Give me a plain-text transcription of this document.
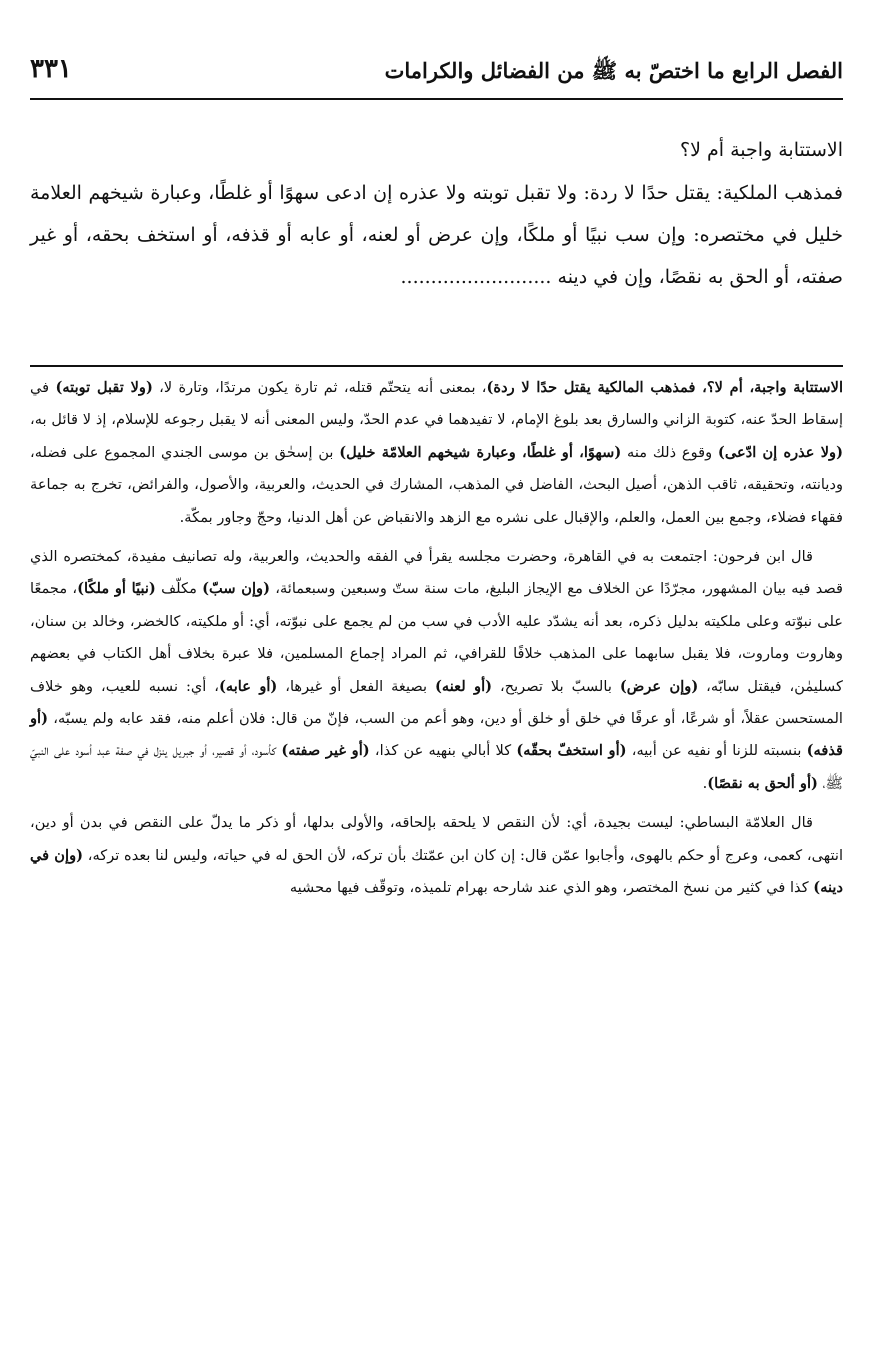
الفصل الرابع ما اختصّ به ﷺ من الفضائل والكرامات
٣٣١

الاستتابة واجبة أم لا؟

فمذهب الملكية: يقتل حدًا لا ردة: ولا تقبل توبته ولا عذره إن ادعى سهوًا أو غلطًا، وعبارة شيخهم العلامة خليل في مختصره: وإن سب نبيًا أو ملكًا، وإن عرض أو لعنه، أو عابه أو قذفه، أو استخف بحقه، أو غير صفته، أو الحق به نقصًا، وإن في دينه .........................

الاستتابة واجبة، أم لا؟، فمذهب المالكية يقتل حدًا لا ردة)، بمعنى أنه يتحتّم قتله، ثم تارة يكون مرتدًا، وتارة لا، (ولا تقبل توبته) في إسقاط الحدّ عنه، كتوبة الزاني والسارق بعد بلوغ الإمام، لا تفيدهما في عدم الحدّ، وليس المعنى أنه لا يقبل رجوعه للإسلام، إذ لا قائل به، (ولا عذره إن ادّعى) وقوع ذلك منه (سهوًا، أو غلطًا، وعبارة شيخهم العلامّة خليل) بن إسحٰق بن موسى الجندي المجموع على فضله، وديانته، وتحقيقه، ثاقب الذهن، أصيل البحث، الفاضل في المذهب، المشارك في الحديث، والعربية، والأصول، والفرائض، تخرج به جماعة فقهاء فضلاء، وجمع بين العمل، والعلم، والإقبال على نشره مع الزهد والانقباض عن أهل الدنيا، وحجّ وجاور بمكّة.

قال ابن فرحون: اجتمعت به في القاهرة، وحضرت مجلسه يقرأ في الفقه والحديث، والعربية، وله تصانيف مفيدة، كمختصره الذي قصد فيه بيان المشهور، مجرّدًا عن الخلاف مع الإيجاز البليغ، مات سنة ستّ وسبعين وسبعمائة، (وإن سبّ) مكلّف (نبيًا أو ملكًا)، مجمعًا على نبوّته وعلى ملكيته بدليل ذكره، بعد أنه يشدّد عليه الأدب في سب من لم يجمع على نبوّته، أي: أو ملكيته، كالخضر، وخالد بن سنان، وهاروت وماروت، فلا يقبل سابهما على المذهب خلافًا للقرافي، ثم المراد إجماع المسلمين، فلا عبرة بخلاف أهل الكتاب في بعضهم كسليمٰن، فيقتل سابّه، (وإن عرض) بالسبّ بلا تصريح، (أو لعنه) بصيغة الفعل أو غيرها، (أو عابه)، أي: نسبه للعيب، وهو خلاف المستحسن عقلاً، أو شرعًا، أو عرفًا في خلق أو خلق أو دين، وهو أعم من السب، فإنّ من قال: فلان أعلم منه، فقد عابه ولم يسبّه، (أو قذفه) بنسبته للزنا أو نفيه عن أبيه، (أو استخفّ بحقّه) كلا أبالي بنهيه عن كذا، (أو غير صفته) كأسود، أو قصير، أو جبريل ينزل في صفة عبد أسود على النبيّ ﷺ، (أو ألحق به نقصًا).

قال العلامّة البساطي: ليست بجيدة، أي: لأن النقص لا يلحقه بإلحاقه، والأولى بدلها، أو ذكر ما يدلّ على النقص في بدن أو دين، انتهى، كعمى، وعرج أو حكم بالهوى، وأجابوا عمّن قال: إن كان ابن عمّتك بأن تركه، لأن الحق له في حياته، وليس لنا بعده تركه، (وإن في دينه) كذا في كثير من نسخ المختصر، وهو الذي عند شارحه بهرام تلميذه، وتوقّف فيها محشيه
